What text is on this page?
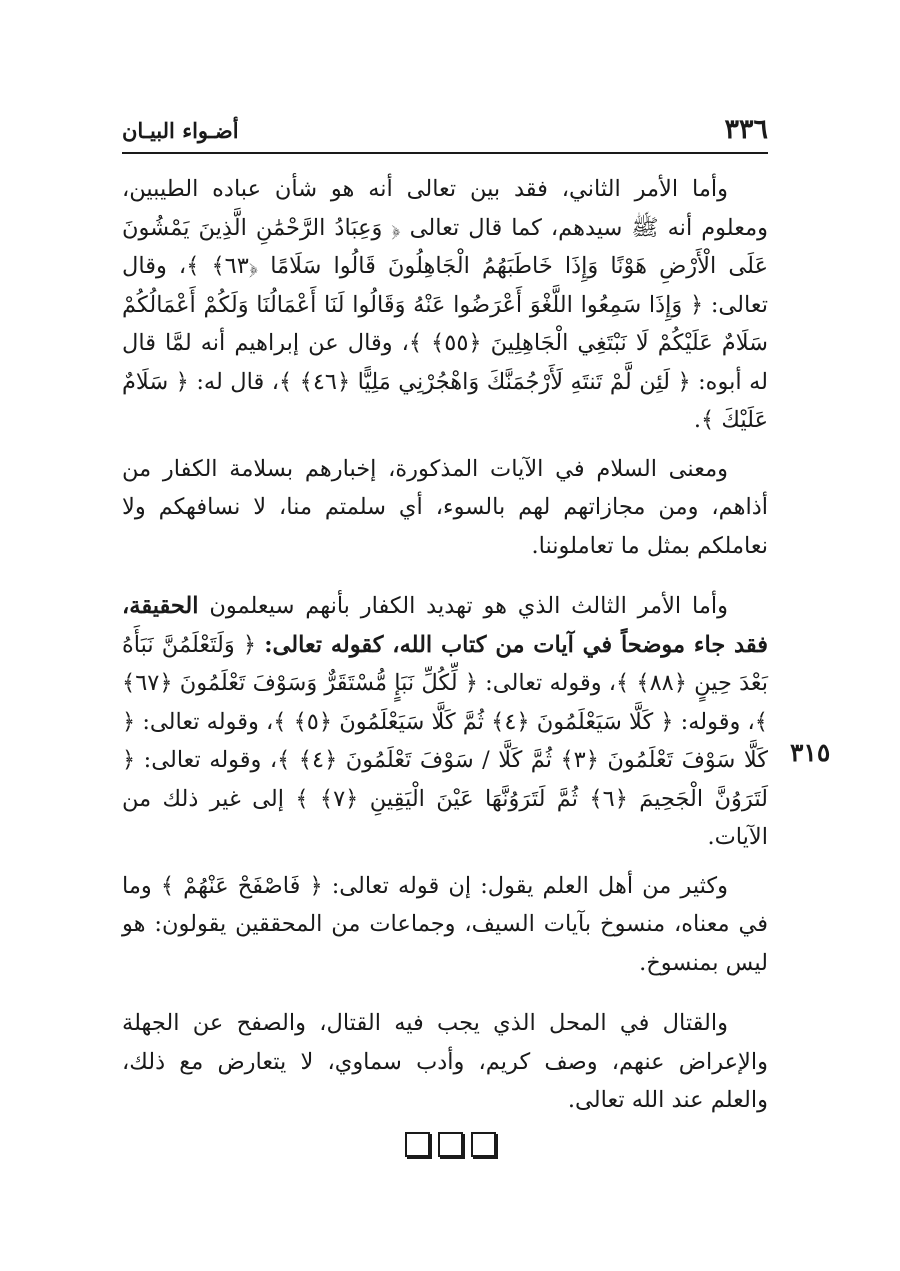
٣٣٦
أضـواء البيـان
٣١٥

وأما الأمر الثاني، فقد بين تعالى أنه هو شأن عباده الطيبين، ومعلوم أنه ﷺ سيدهم، كما قال تعالى ﴿ وَعِبَادُ الرَّحْمَٰنِ الَّذِينَ يَمْشُونَ عَلَى الْأَرْضِ هَوْنًا وَإِذَا خَاطَبَهُمُ الْجَاهِلُونَ قَالُوا سَلَامًا ﴿٦٣﴾ ﴾، وقال تعالى: ﴿ وَإِذَا سَمِعُوا اللَّغْوَ أَعْرَضُوا عَنْهُ وَقَالُوا لَنَا أَعْمَالُنَا وَلَكُمْ أَعْمَالُكُمْ سَلَامٌ عَلَيْكُمْ لَا نَبْتَغِي الْجَاهِلِينَ ﴿٥٥﴾ ﴾، وقال عن إبراهيم أنه لمَّا قال له أبوه: ﴿ لَئِن لَّمْ تَنتَهِ لَأَرْجُمَنَّكَ وَاهْجُرْنِي مَلِيًّا ﴿٤٦﴾ ﴾، قال له: ﴿ سَلَامٌ عَلَيْكَ ﴾.

ومعنى السلام في الآيات المذكورة، إخبارهم بسلامة الكفار من أذاهم، ومن مجازاتهم لهم بالسوء، أي سلمتم منا، لا نسافهكم ولا نعاملكم بمثل ما تعاملوننا.

وأما الأمر الثالث الذي هو تهديد الكفار بأنهم سيعلمون الحقيقة، فقد جاء موضحاً في آيات من كتاب الله، كقوله تعالى: ﴿ وَلَتَعْلَمُنَّ نَبَأَهُ بَعْدَ حِينٍ ﴿٨٨﴾ ﴾، وقوله تعالى: ﴿ لِّكُلِّ نَبَإٍ مُّسْتَقَرٌّ وَسَوْفَ تَعْلَمُونَ ﴿٦٧﴾ ﴾، وقوله: ﴿ كَلَّا سَيَعْلَمُونَ ﴿٤﴾ ثُمَّ كَلَّا سَيَعْلَمُونَ ﴿٥﴾ ﴾، وقوله تعالى: ﴿ كَلَّا سَوْفَ تَعْلَمُونَ ﴿٣﴾ ثُمَّ كَلَّا / سَوْفَ تَعْلَمُونَ ﴿٤﴾ ﴾، وقوله تعالى: ﴿ لَتَرَوُنَّ الْجَحِيمَ ﴿٦﴾ ثُمَّ لَتَرَوُنَّهَا عَيْنَ الْيَقِينِ ﴿٧﴾ ﴾ إلى غير ذلك من الآيات.

وكثير من أهل العلم يقول: إن قوله تعالى: ﴿ فَاصْفَحْ عَنْهُمْ ﴾ وما في معناه، منسوخ بآيات السيف، وجماعات من المحققين يقولون: هو ليس بمنسوخ.

والقتال في المحل الذي يجب فيه القتال، والصفح عن الجهلة والإعراض عنهم، وصف كريم، وأدب سماوي، لا يتعارض مع ذلك، والعلم عند الله تعالى.
